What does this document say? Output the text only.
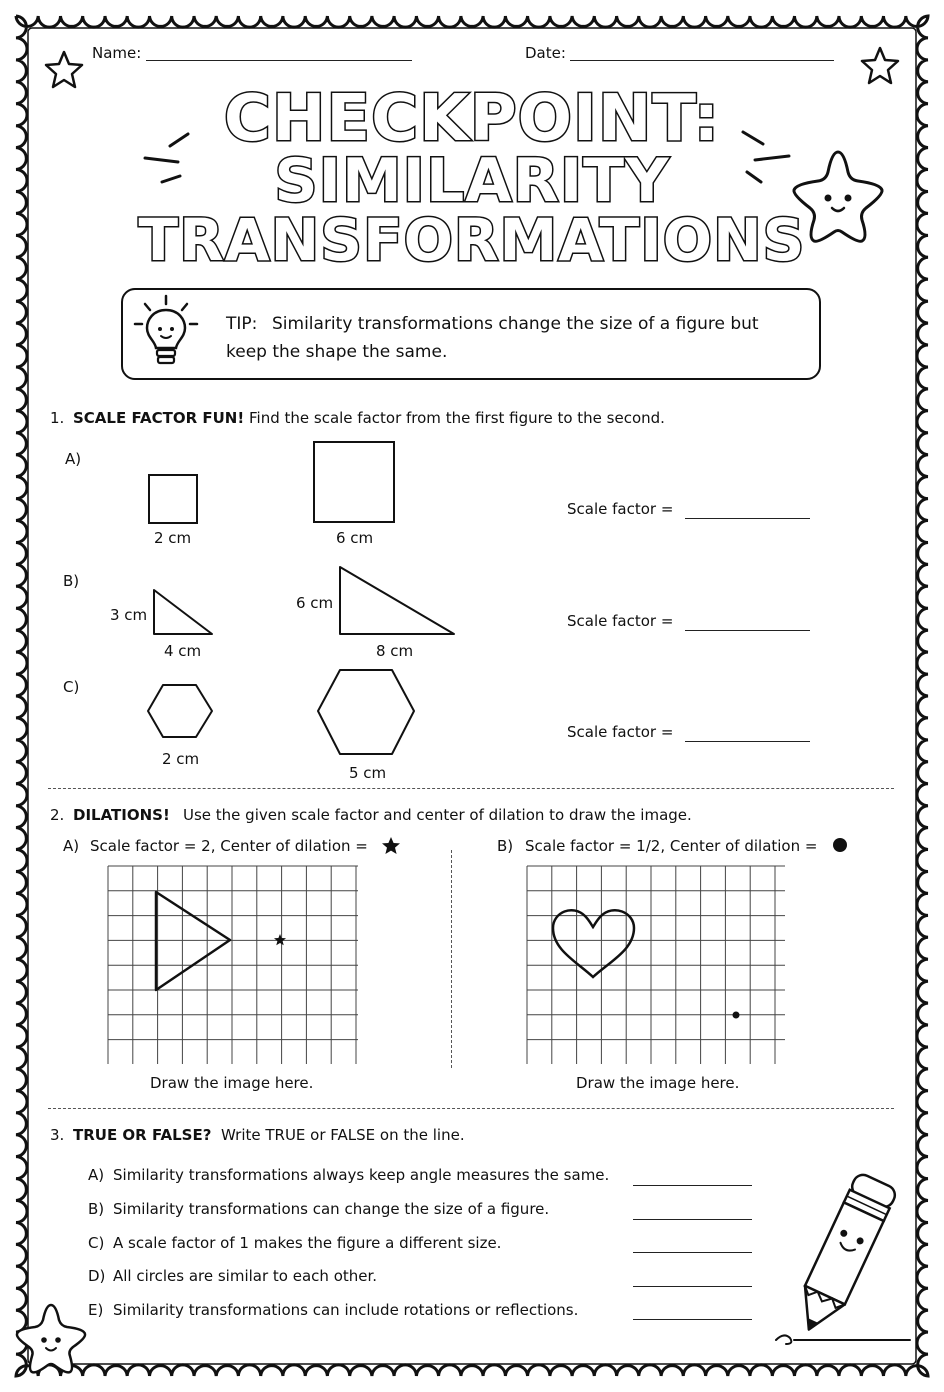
Name:	Date:
CHECKPOINT:
SIMILARITY
TRANSFORMATIONS
TIP: Similarity transformations change the size of a figure but
keep the shape the same.
1. SCALE FACTOR FUN! Find the scale factor from the first figure to the second.
A)
2 cm	6 cm
Scale factor =
B)
3 cm
4 cm
6 cm
8 cm
Scale factor =
C)
2 cm
5 cm
Scale factor =
2. DILATIONS! Use the given scale factor and center of dilation to draw the image.
A) Scale factor = 2, Center of dilation =	B) Scale factor = 1/2, Center of dilation =
Draw the image here.	Draw the image here.
3. TRUE OR FALSE? Write TRUE or FALSE on the line.
A) Similarity transformations always keep angle measures the same.
B) Similarity transformations can change the size of a figure.
C) A scale factor of 1 makes the figure a different size.
D) All circles are similar to each other.
E) Similarity transformations can include rotations or reflections.
